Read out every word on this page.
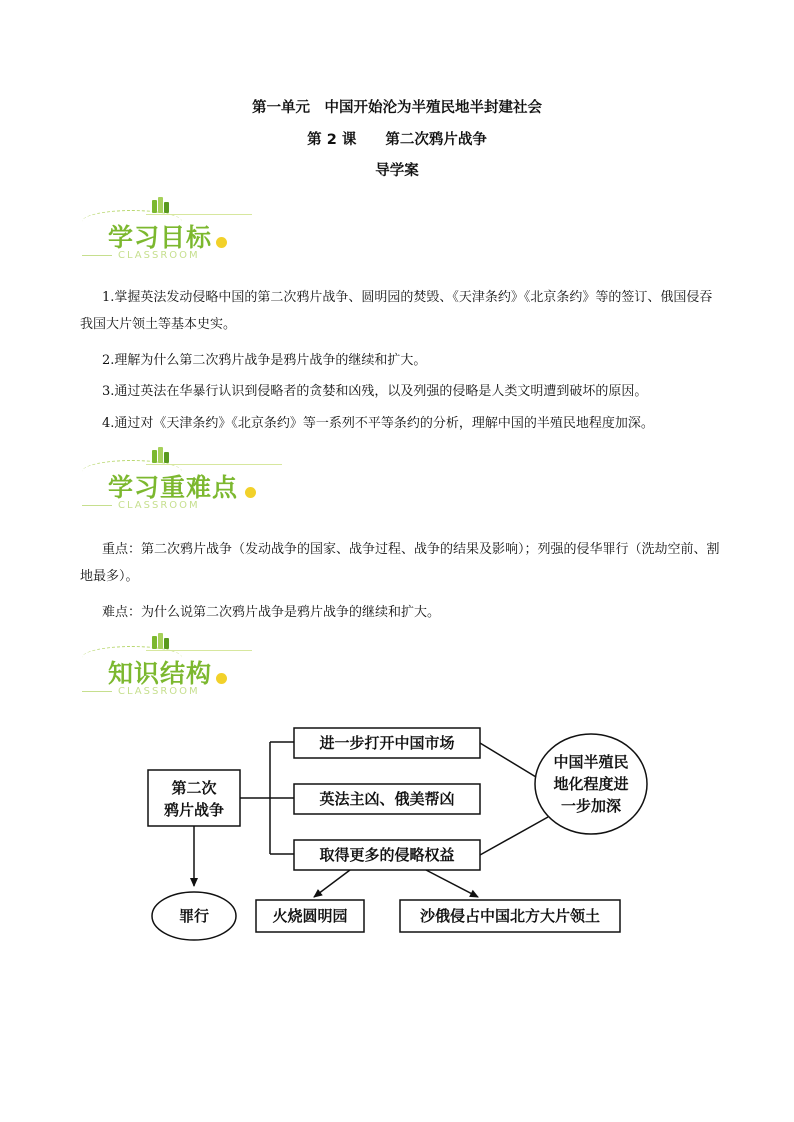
第一单元　中国开始沦为半殖民地半封建社会
第 2 课　　第二次鸦片战争
导学案
学习目标
CLASSROOM

1.掌握英法发动侵略中国的第二次鸦片战争、圆明园的焚毁、《天津条约》《北京条约》等的签订、俄国侵吞我国大片领土等基本史实。

2.理解为什么第二次鸦片战争是鸦片战争的继续和扩大。

3.通过英法在华暴行认识到侵略者的贪婪和凶残，以及列强的侵略是人类文明遭到破坏的原因。

4.通过对《天津条约》《北京条约》等一系列不平等条约的分析，理解中国的半殖民地程度加深。

学习重难点
CLASSROOM

重点：第二次鸦片战争（发动战争的国家、战争过程、战争的结果及影响）；列强的侵华罪行（洗劫空前、割地最多）。

难点：为什么说第二次鸦片战争是鸦片战争的继续和扩大。

知识结构
CLASSROOM
第二次
鸦片战争
进一步打开中国市场
英法主凶、俄美帮凶
取得更多的侵略权益
中国半殖民
地化程度进
一步加深
罪行	火烧圆明园	沙俄侵占中国北方大片领土
